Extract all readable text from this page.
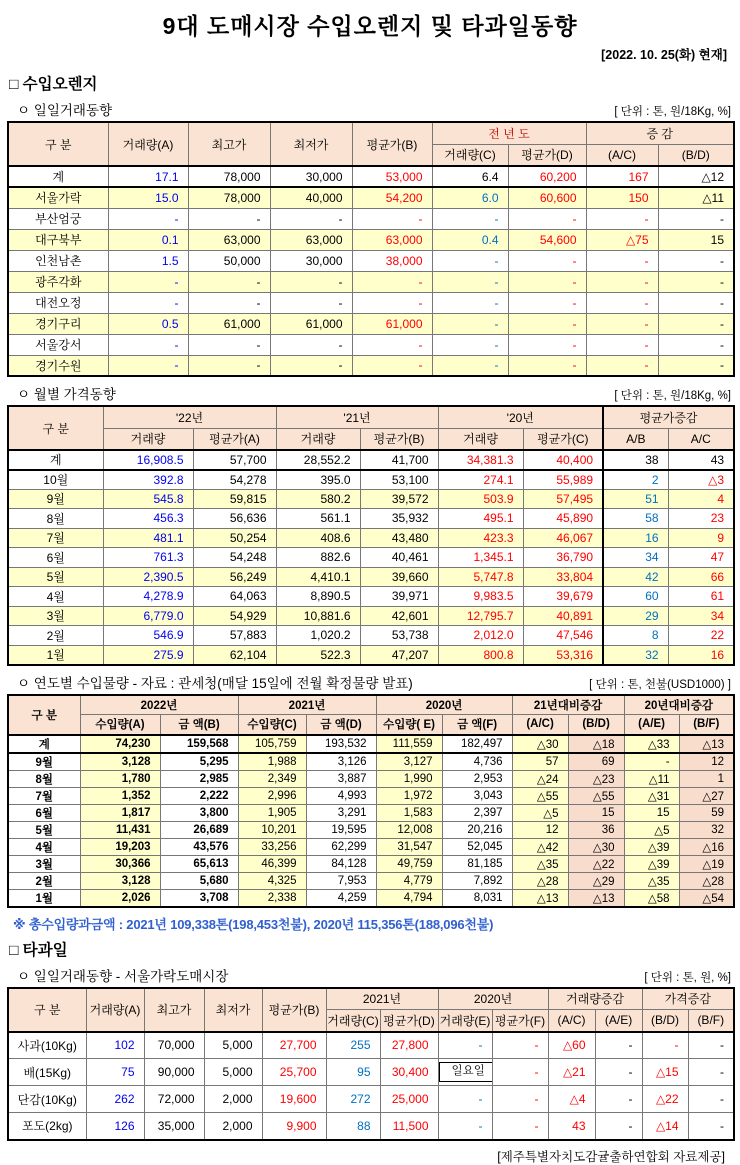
9대 도매시장 수입오렌지 및 타과일동향
[2022. 10. 25(화) 현재]
□ 수입오렌지
ㅇ 일일거래동향	[ 단위 : 톤, 원/18Kg, %]
구 분	거래량(A)	최고가	최저가	평균가(B)	전 년 도		증 감	
					거래량(C)	평균가(D)	(A/C)	(B/D)
계	17.1	78,000	30,000	53,000	6.4	60,200	167	△12
서울가락	15.0	78,000	40,000	54,200	6.0	60,600	150	△11
부산엄궁	-	-	-	-	-	-	-	-
대구북부	0.1	63,000	63,000	63,000	0.4	54,600	△75	15
인천남촌	1.5	50,000	30,000	38,000	-	-	-	-
광주각화	-	-	-	-	-	-	-	-
대전오정	-	-	-	-	-	-	-	-
경기구리	0.5	61,000	61,000	61,000	-	-	-	-
서울강서	-	-	-	-	-	-	-	-
경기수원	-	-	-	-	-	-	-	-
ㅇ 월별 가격동향	[ 단위 : 톤, 원/18Kg, %]
구 분	'22년		'21년		'20년		평균가증감	
	거래량	평균가(A)	거래량	평균가(B)	거래량	평균가(C)	A/B	A/C
계	16,908.5	57,700	28,552.2	41,700	34,381.3	40,400	38	43
10월	392.8	54,278	395.0	53,100	274.1	55,989	2	△3
9월	545.8	59,815	580.2	39,572	503.9	57,495	51	4
8월	456.3	56,636	561.1	35,932	495.1	45,890	58	23
7월	481.1	50,254	408.6	43,480	423.3	46,067	16	9
6월	761.3	54,248	882.6	40,461	1,345.1	36,790	34	47
5월	2,390.5	56,249	4,410.1	39,660	5,747.8	33,804	42	66
4월	4,278.9	64,063	8,890.5	39,971	9,983.5	39,679	60	61
3월	6,779.0	54,929	10,881.6	42,601	12,795.7	40,891	29	34
2월	546.9	57,883	1,020.2	53,738	2,012.0	47,546	8	22
1월	275.9	62,104	522.3	47,207	800.8	53,316	32	16
ㅇ 연도별 수입물량 - 자료 : 관세청(매달 15일에 전월 확정물량 발표)	[ 단위 : 톤, 천불(USD1000) ]
구 분	2022년		2021년		2020년		21년대비증감		20년대비증감	
	수입량(A)	금 액(B)	수입량(C)	금 액(D)	수입량( E)	금 액(F)	(A/C)	(B/D)	(A/E)	(B/F)
계	74,230	159,568	105,759	193,532	111,559	182,497	△30	△18	△33	△13
9월	3,128	5,295	1,988	3,126	3,127	4,736	57	69	-	12
8월	1,780	2,985	2,349	3,887	1,990	2,953	△24	△23	△11	1
7월	1,352	2,222	2,996	4,993	1,972	3,043	△55	△55	△31	△27
6월	1,817	3,800	1,905	3,291	1,583	2,397	△5	15	15	59
5월	11,431	26,689	10,201	19,595	12,008	20,216	12	36	△5	32
4월	19,203	43,576	33,256	62,299	31,547	52,045	△42	△30	△39	△16
3월	30,366	65,613	46,399	84,128	49,759	81,185	△35	△22	△39	△19
2월	3,128	5,680	4,325	7,953	4,779	7,892	△28	△29	△35	△28
1월	2,026	3,708	2,338	4,259	4,794	8,031	△13	△13	△58	△54
※ 총수입량과금액 : 2021년 109,338톤(198,453천불), 2020년 115,356톤(188,096천불)
□ 타과일
ㅇ 일일거래동향 - 서울가락도매시장	[ 단위 : 톤, 원, %]
구 분	거래량(A)	최고가	최저가	평균가(B)	2021년		2020년		거래량증감		가격증감	
					거래량(C)	평균가(D)	거래량(E)	평균가(F)	(A/C)	(A/E)	(B/D)	(B/F)
사과(10Kg)	102	70,000	5,000	27,700	255	27,800	-	-	△60	-	-	-
배(15Kg)	75	90,000	5,000	25,700	95	30,400	일요일	-	△21	-	△15	-
단감(10Kg)	262	72,000	2,000	19,600	272	25,000	-	-	△4	-	△22	-
포도(2kg)	126	35,000	2,000	9,900	88	11,500	-	-	43	-	△14	-
[제주특별자치도감귤출하연합회 자료제공]
